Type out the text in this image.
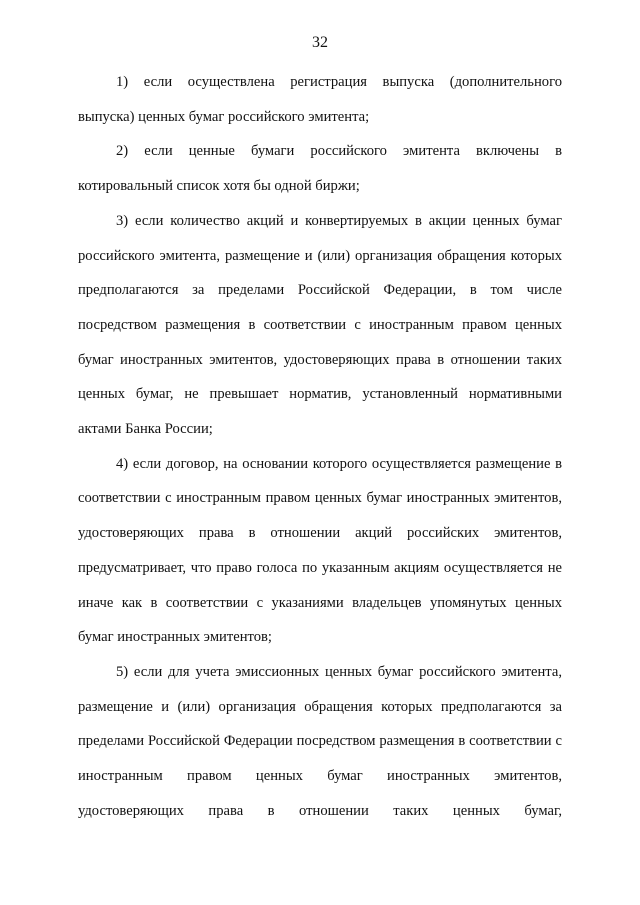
32

1) если осуществлена регистрация выпуска (дополнительного выпуска) ценных бумаг российского эмитента;

2) если ценные бумаги российского эмитента включены в котировальный список хотя бы одной биржи;

3) если количество акций и конвертируемых в акции ценных бумаг российского эмитента, размещение и (или) организация обращения которых предполагаются за пределами Российской Федерации, в том числе посредством размещения в соответствии с иностранным правом ценных бумаг иностранных эмитентов, удостоверяющих права в отношении таких ценных бумаг, не превышает норматив, установленный нормативными актами Банка России;

4) если договор, на основании которого осуществляется размещение в соответствии с иностранным правом ценных бумаг иностранных эмитентов, удостоверяющих права в отношении акций российских эмитентов, предусматривает, что право голоса по указанным акциям осуществляется не иначе как в соответствии с указаниями владельцев упомянутых ценных бумаг иностранных эмитентов;

5) если для учета эмиссионных ценных бумаг российского эмитента, размещение и (или) организация обращения которых предполагаются за пределами Российской Федерации посредством размещения в соответствии с иностранным правом ценных бумаг иностранных эмитентов, удостоверяющих права в отношении таких ценных бумаг,
